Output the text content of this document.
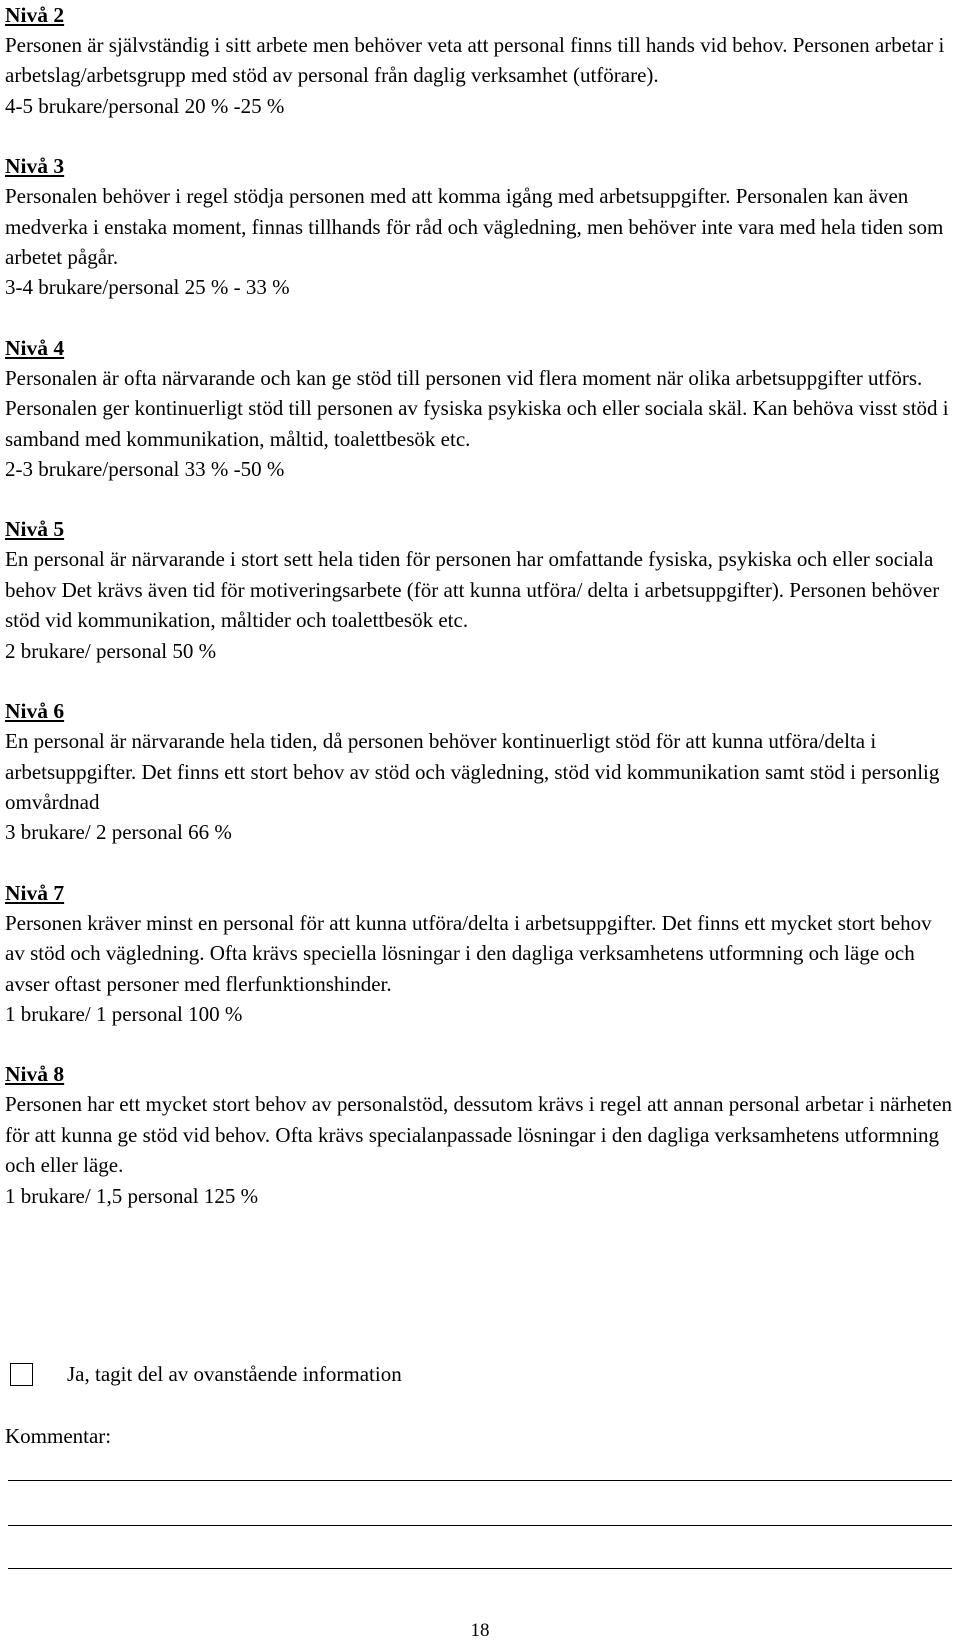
Nivå 2

Personen är självständig i sitt arbete men behöver veta att personal finns till hands vid behov. Personen arbetar i arbetslag/arbetsgrupp med stöd av personal från daglig verksamhet (utförare).

4-5 brukare/personal 20 % -25 %

Nivå 3

Personalen behöver i regel stödja personen med att komma igång med arbetsuppgifter. Personalen kan även medverka i enstaka moment, finnas tillhands för råd och vägledning, men behöver inte vara med hela tiden som arbetet pågår.

3-4 brukare/personal 25 % - 33 %

Nivå 4

Personalen är ofta närvarande och kan ge stöd till personen vid flera moment när olika arbetsuppgifter utförs. Personalen ger kontinuerligt stöd till personen av fysiska psykiska och eller sociala skäl. Kan behöva visst stöd i samband med kommunikation, måltid, toalettbesök etc.

2-3 brukare/personal 33 % -50 %

Nivå 5

En personal är närvarande i stort sett hela tiden för personen har omfattande fysiska, psykiska och eller sociala behov Det krävs även tid för motiveringsarbete (för att kunna utföra/ delta i arbetsuppgifter). Personen behöver stöd vid kommunikation, måltider och toalettbesök etc.

2 brukare/ personal 50 %

Nivå 6

En personal är närvarande hela tiden, då personen behöver kontinuerligt stöd för att kunna utföra/delta i arbetsuppgifter. Det finns ett stort behov av stöd och vägledning, stöd vid kommunikation samt stöd i personlig omvårdnad

3 brukare/ 2 personal 66 %

Nivå 7

Personen kräver minst en personal för att kunna utföra/delta i arbetsuppgifter. Det finns ett mycket stort behov av stöd och vägledning. Ofta krävs speciella lösningar i den dagliga verksamhetens utformning och läge och avser oftast personer med flerfunktionshinder.

1 brukare/ 1 personal 100 %

Nivå 8

Personen har ett mycket stort behov av personalstöd, dessutom krävs i regel att annan personal arbetar i närheten för att kunna ge stöd vid behov. Ofta krävs specialanpassade lösningar i den dagliga verksamhetens utformning och eller läge.

1 brukare/ 1,5 personal 125 %

Ja, tagit del av ovanstående information
Kommentar:
18
